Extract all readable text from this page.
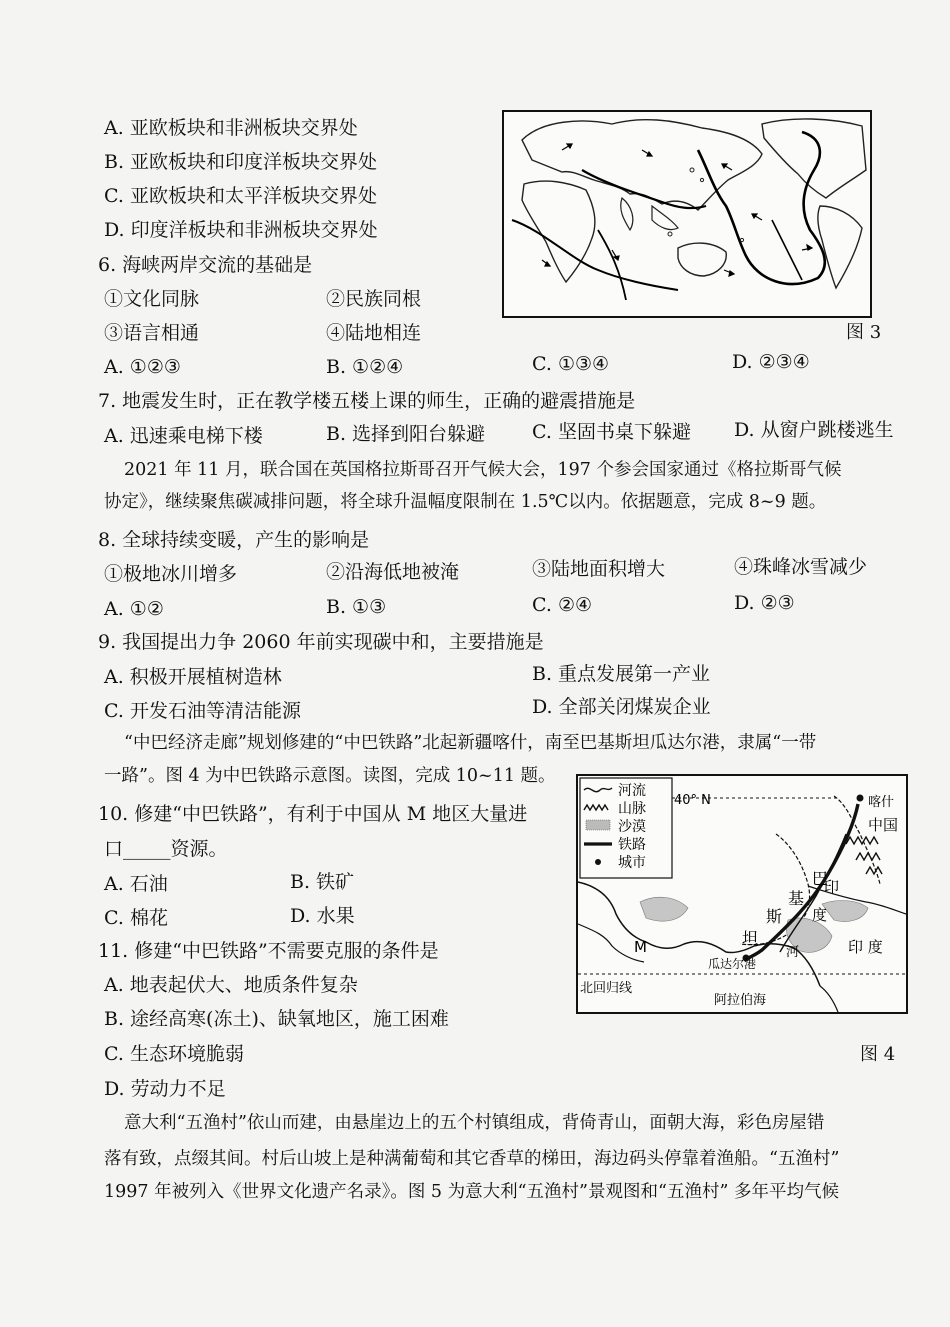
A. 亚欧板块和非洲板块交界处
B. 亚欧板块和印度洋板块交界处
C. 亚欧板块和太平洋板块交界处
D. 印度洋板块和非洲板块交界处
图 3
6. 海峡两岸交流的基础是
①文化同脉	②民族同根
③语言相通	④陆地相连
A. ①②③	B. ①②④	C. ①③④	D. ②③④
7. 地震发生时，正在教学楼五楼上课的师生，正确的避震措施是
A. 迅速乘电梯下楼	B. 选择到阳台躲避 C. 坚固书桌下躲避 D. 从窗户跳楼逃生
2021 年 11 月，联合国在英国格拉斯哥召开气候大会，197 个参会国家通过《格拉斯哥气候
协定》，继续聚焦碳减排问题，将全球升温幅度限制在 1.5℃以内。依据题意，完成 8~9 题。
8. 全球持续变暖，产生的影响是
①极地冰川增多	②沿海低地被淹	③陆地面积增大	④珠峰冰雪减少
A. ①②	B. ①③	C. ②④	D. ②③
9. 我国提出力争 2060 年前实现碳中和，主要措施是
A. 积极开展植树造林	B. 重点发展第一产业
C. 开发石油等清洁能源	D. 全部关闭煤炭企业
“中巴经济走廊”规划修建的“中巴铁路”北起新疆喀什，南至巴基斯坦瓜达尔港，隶属“一带
一路”。图 4 为中巴铁路示意图。读图，完成 10~11 题。
10. 修建“中巴铁路”，有利于中国从 M 地区大量进
口_____资源。
A. 石油	B. 铁矿
C. 棉花	D. 水果
11. 修建“中巴铁路”不需要克服的条件是
A. 地表起伏大、地质条件复杂
B. 途经高寒(冻土)、缺氧地区，施工困难
C. 生态环境脆弱
D. 劳动力不足
河流
山脉
沙漠
铁路
城市
40° N
北回归线
喀什
中国
M
瓜达尔港
阿拉伯海
印 度
巴
基
斯
坦
印
度
河
图 4
意大利“五渔村”依山而建，由悬崖边上的五个村镇组成，背倚青山，面朝大海，彩色房屋错
落有致，点缀其间。村后山坡上是种满葡萄和其它香草的梯田，海边码头停靠着渔船。“五渔村”
1997 年被列入《世界文化遗产名录》。图 5 为意大利“五渔村”景观图和“五渔村” 多年平均气候
